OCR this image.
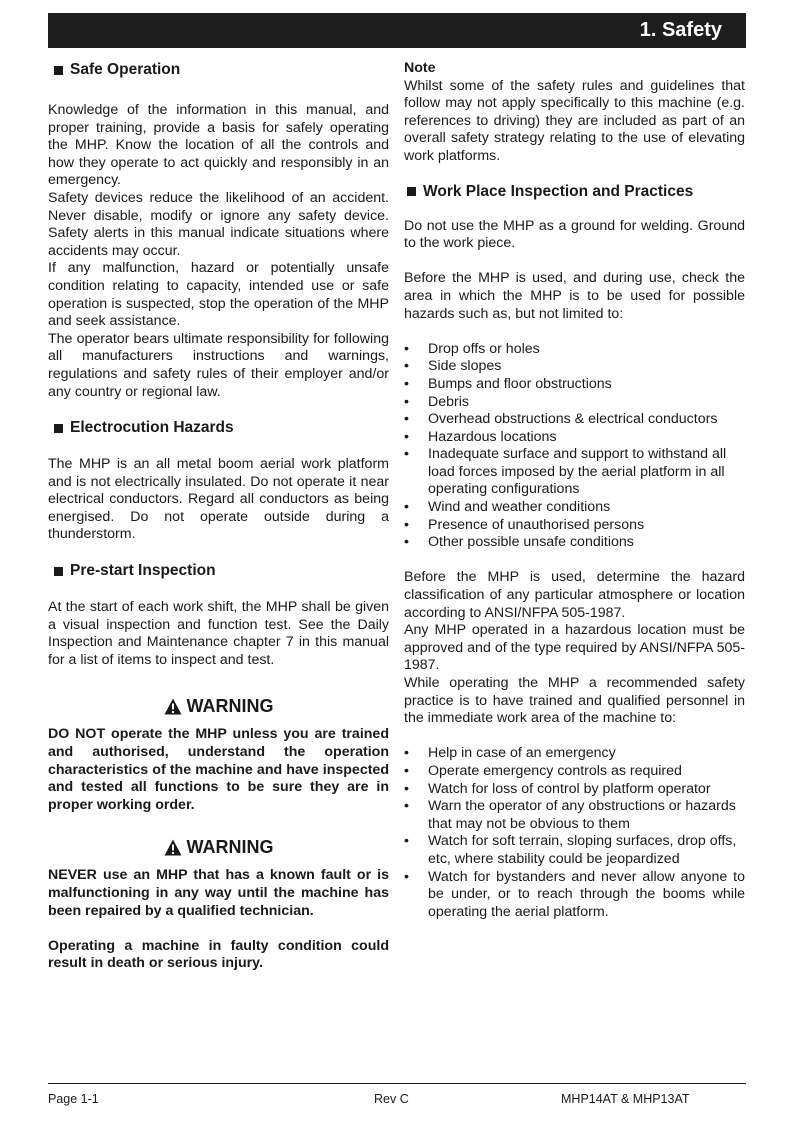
1. Safety
Safe Operation

Knowledge of the information in this manual, and proper training, provide a basis for safely operating the MHP. Know the location of all the controls and how they operate to act quickly and responsibly in an emergency.

Safety devices reduce the likelihood of an accident. Never disable, modify or ignore any safety device. Safety alerts in this manual indicate situations where accidents may occur.

If any malfunction, hazard or potentially unsafe condition relating to capacity, intended use or safe operation is suspected, stop the operation of the MHP and seek assistance.

The operator bears ultimate responsibility for following all manufacturers instructions and warnings, regulations and safety rules of their employer and/or any country or regional law.

Electrocution Hazards

The MHP is an all metal boom aerial work platform and is not electrically insulated. Do not operate it near electrical conductors. Regard all conductors as being energised. Do not operate outside during a thunderstorm.

Pre-start Inspection

At the start of each work shift, the MHP shall be given a visual inspection and function test. See the Daily Inspection and Maintenance chapter 7 in this manual for a list of items to inspect and test.

WARNING

DO NOT operate the MHP unless you are trained and authorised, understand the operation characteristics of the machine and have inspected and tested all functions to be sure they are in proper working order.

WARNING

NEVER use an MHP that has a known fault or is malfunctioning in any way until the machine has been repaired by a qualified technician.

Operating a machine in faulty condition could result in death or serious injury.

Note

Whilst some of the safety rules and guidelines that follow may not apply specifically to this machine (e.g. references to driving) they are included as part of an overall safety strategy relating to the use of elevating work platforms.

Work Place Inspection and Practices

Do not use the MHP as a ground for welding. Ground to the work piece.

Before the MHP is used, and during use, check the area in which the MHP is to be used for possible hazards such as, but not limited to:

• Drop offs or holes
• Side slopes
• Bumps and floor obstructions
• Debris
• Overhead obstructions & electrical conductors
• Hazardous locations
• Inadequate surface and support to withstand all load forces imposed by the aerial platform in all operating configurations
• Wind and weather conditions
• Presence of unauthorised persons
• Other possible unsafe conditions

Before the MHP is used, determine the hazard classification of any particular atmosphere or location according to ANSI/NFPA 505-1987.

Any MHP operated in a hazardous location must be approved and of the type required by ANSI/NFPA 505-1987.

While operating the MHP a recommended safety practice is to have trained and qualified personnel in the immediate work area of the machine to:

• Help in case of an emergency
• Operate emergency controls as required
• Watch for loss of control by platform operator
• Warn the operator of any obstructions or hazards that may not be obvious to them
• Watch for soft terrain, sloping surfaces, drop offs, etc, where stability could be jeopardized
• Watch for bystanders and never allow anyone to be under, or to reach through the booms while operating the aerial platform.
Page 1-1	Rev C	MHP14AT & MHP13AT
